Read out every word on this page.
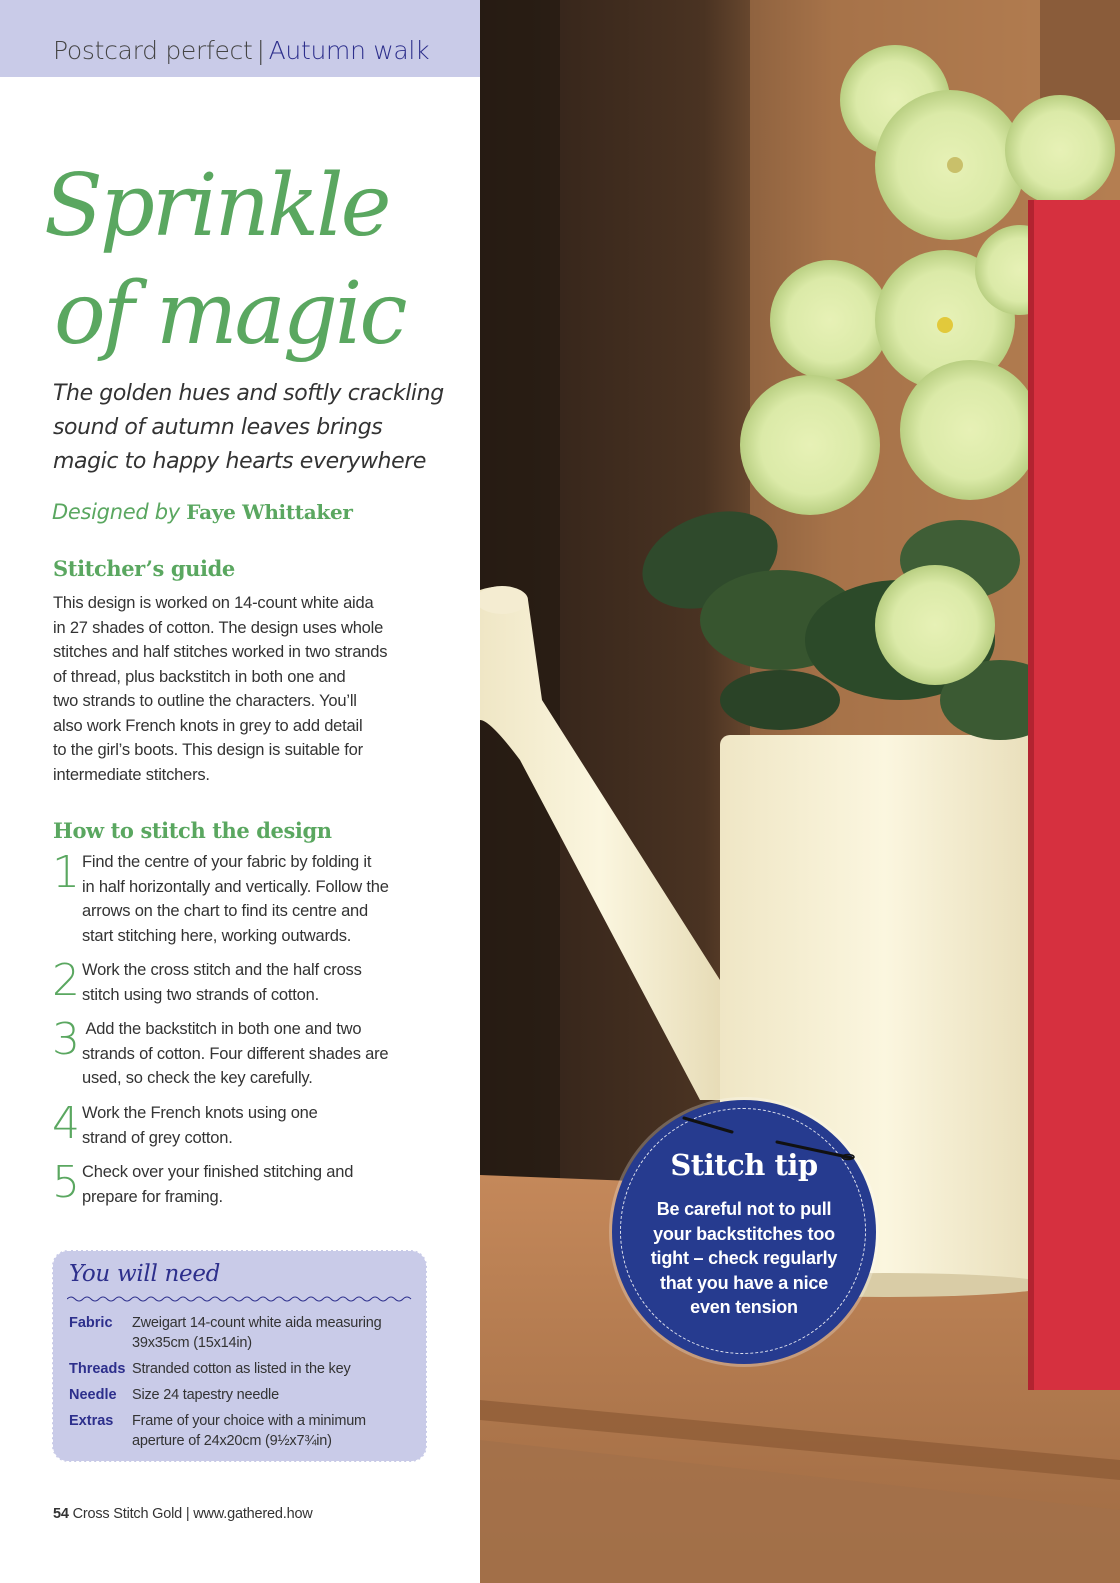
Postcard perfect | Autumn walk
Sprinkle
of magic
The golden hues and softly crackling
sound of autumn leaves brings
magic to happy hearts everywhere
Designed by Faye Whittaker
Stitcher’s guide
This design is worked on 14-count white aida
in 27 shades of cotton. The design uses whole
stitches and half stitches worked in two strands
of thread, plus backstitch in both one and
two strands to outline the characters. You’ll
also work French knots in grey to add detail
to the girl’s boots. This design is suitable for
intermediate stitchers.
How to stitch the design
1 Find the centre of your fabric by folding it
in half horizontally and vertically. Follow the
arrows on the chart to find its centre and
start stitching here, working outwards.
2 Work the cross stitch and the half cross
stitch using two strands of cotton.
3 Add the backstitch in both one and two
strands of cotton. Four different shades are
used, so check the key carefully.
4 Work the French knots using one
strand of grey cotton.
5 Check over your finished stitching and
prepare for framing.
You will need
Fabric Zweigart 14-count white aida measuring
39x35cm (15x14in)
Threads Stranded cotton as listed in the key
Needle Size 24 tapestry needle
Extras Frame of your choice with a minimum
aperture of 24x20cm (9½x7¾in)
54 Cross Stitch Gold | www.gathered.how
Stitch tip
Be careful not to pull
your backstitches too
tight – check regularly
that you have a nice
even tension
